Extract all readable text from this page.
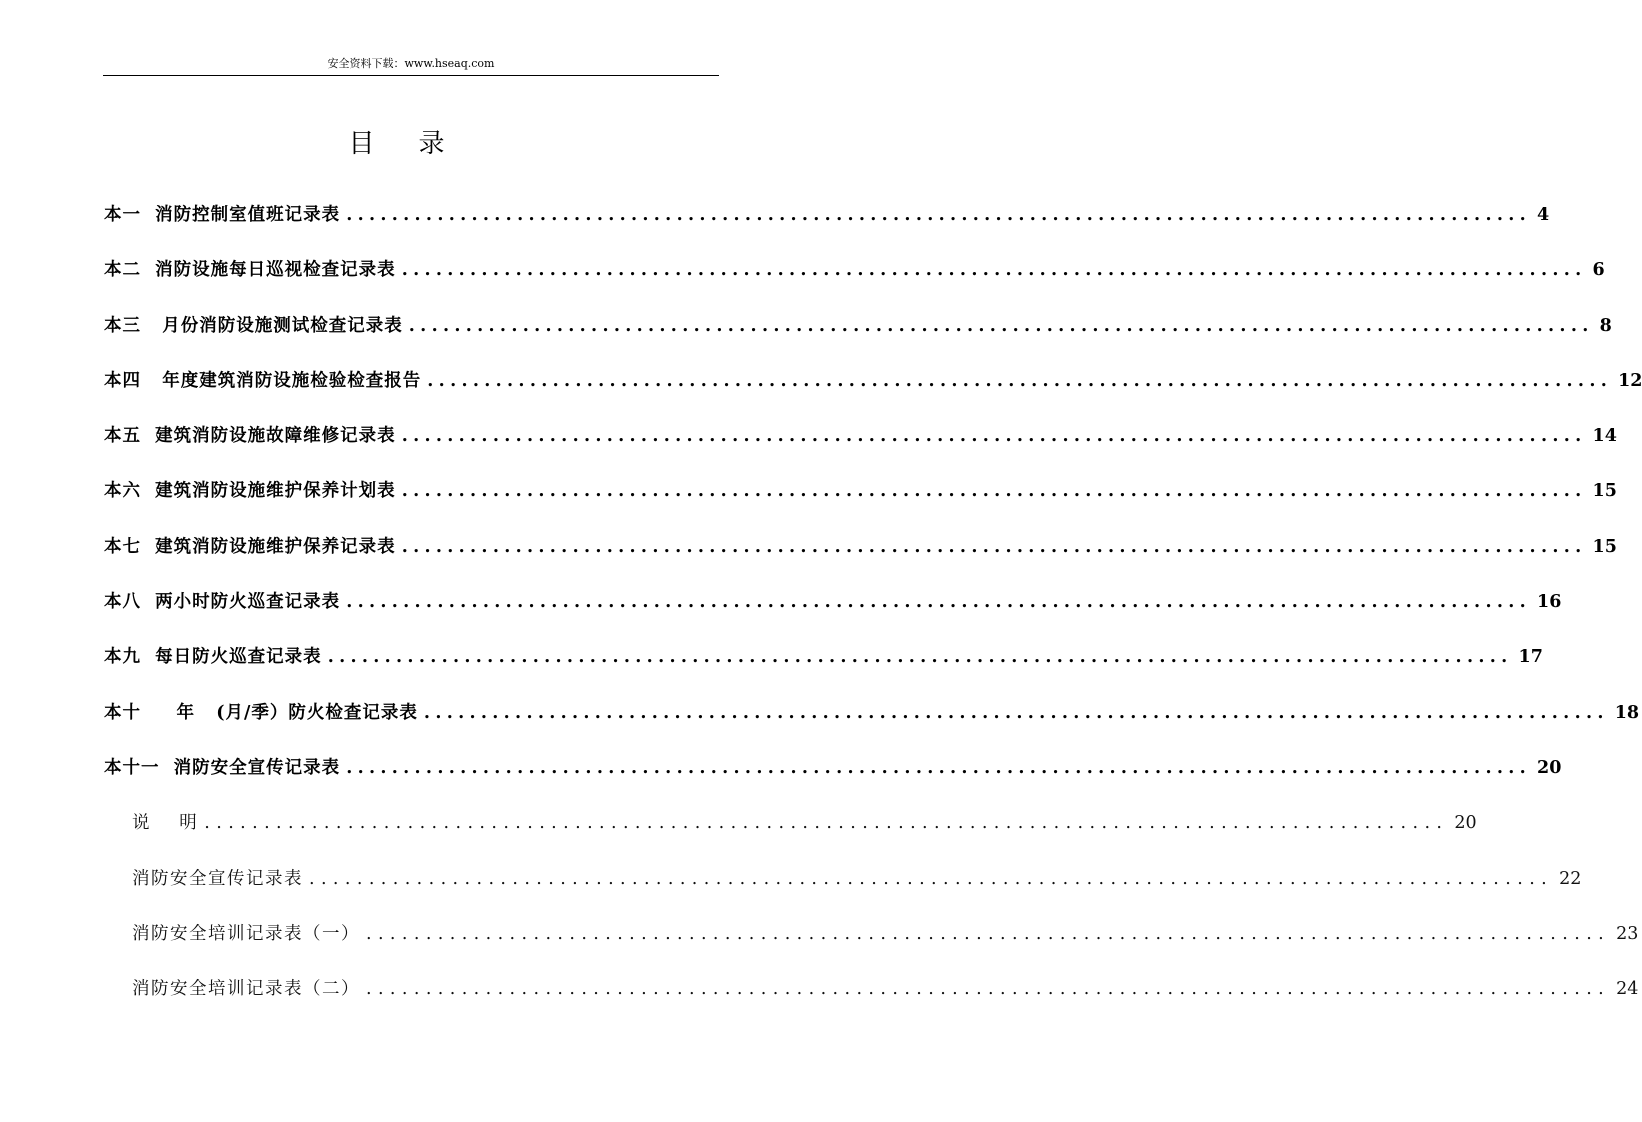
安全资料下载：www.hseaq.com
目录
本一  消防控制室值班记录表 ........................................................................................................ 4
本二  消防设施每日巡视检查记录表 ........................................................................................................ 6
本三   月份消防设施测试检查记录表 ........................................................................................................ 8
本四   年度建筑消防设施检验检查报告 ........................................................................................................ 12
本五  建筑消防设施故障维修记录表 ........................................................................................................ 14
本六  建筑消防设施维护保养计划表 ........................................................................................................ 15
本七  建筑消防设施维护保养记录表 ........................................................................................................ 15
本八  两小时防火巡查记录表 ........................................................................................................ 16
本九  每日防火巡查记录表 ........................................................................................................ 17
本十     年   (月/季）防火检查记录表 ........................................................................................................ 18
本十一  消防安全宣传记录表 ........................................................................................................ 20
说    明 ........................................................................................................ 20
消防安全宣传记录表 ........................................................................................................ 22
消防安全培训记录表（一） ........................................................................................................ 23
消防安全培训记录表（二） ........................................................................................................ 24
